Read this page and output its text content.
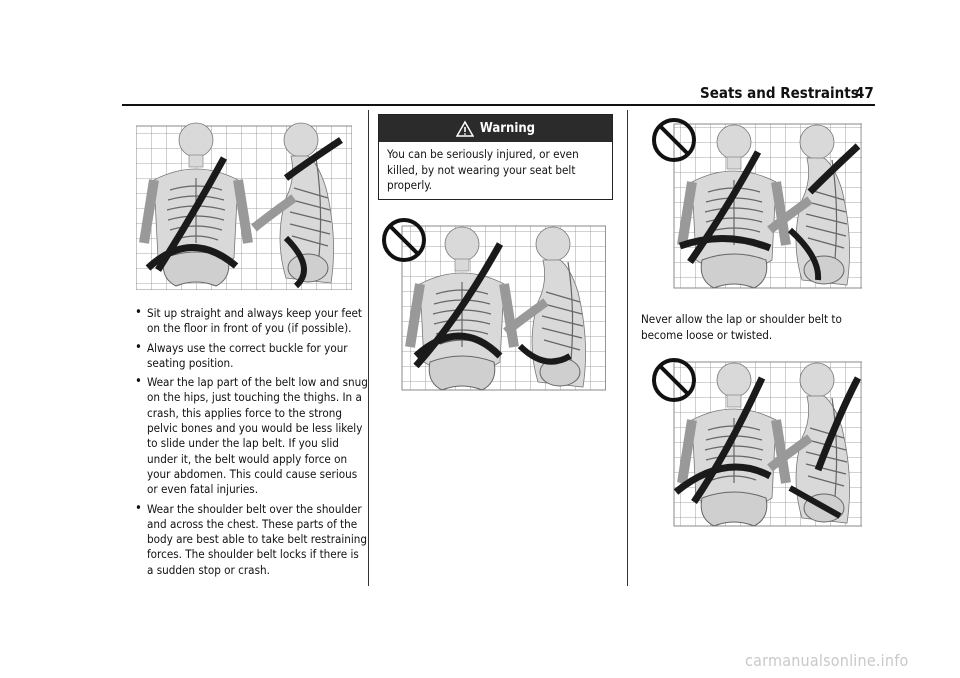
Seats and Restraints
47
• Sit up straight and always keep your feet on the floor in front of you (if possible).
• Always use the correct buckle for your seating position.
• Wear the lap part of the belt low and snug on the hips, just touching the thighs. In a crash, this applies force to the strong pelvic bones and you would be less likely to slide under the lap belt. If you slid under it, the belt would apply force on your abdomen. This could cause serious or even fatal injuries.
• Wear the shoulder belt over the shoulder and across the chest. These parts of the body are best able to take belt restraining forces. The shoulder belt locks if there is a sudden stop or crash.
Warning
You can be seriously injured, or even killed, by not wearing your seat belt properly.
Never allow the lap or shoulder belt to become loose or twisted.
carmanualsonline.info
